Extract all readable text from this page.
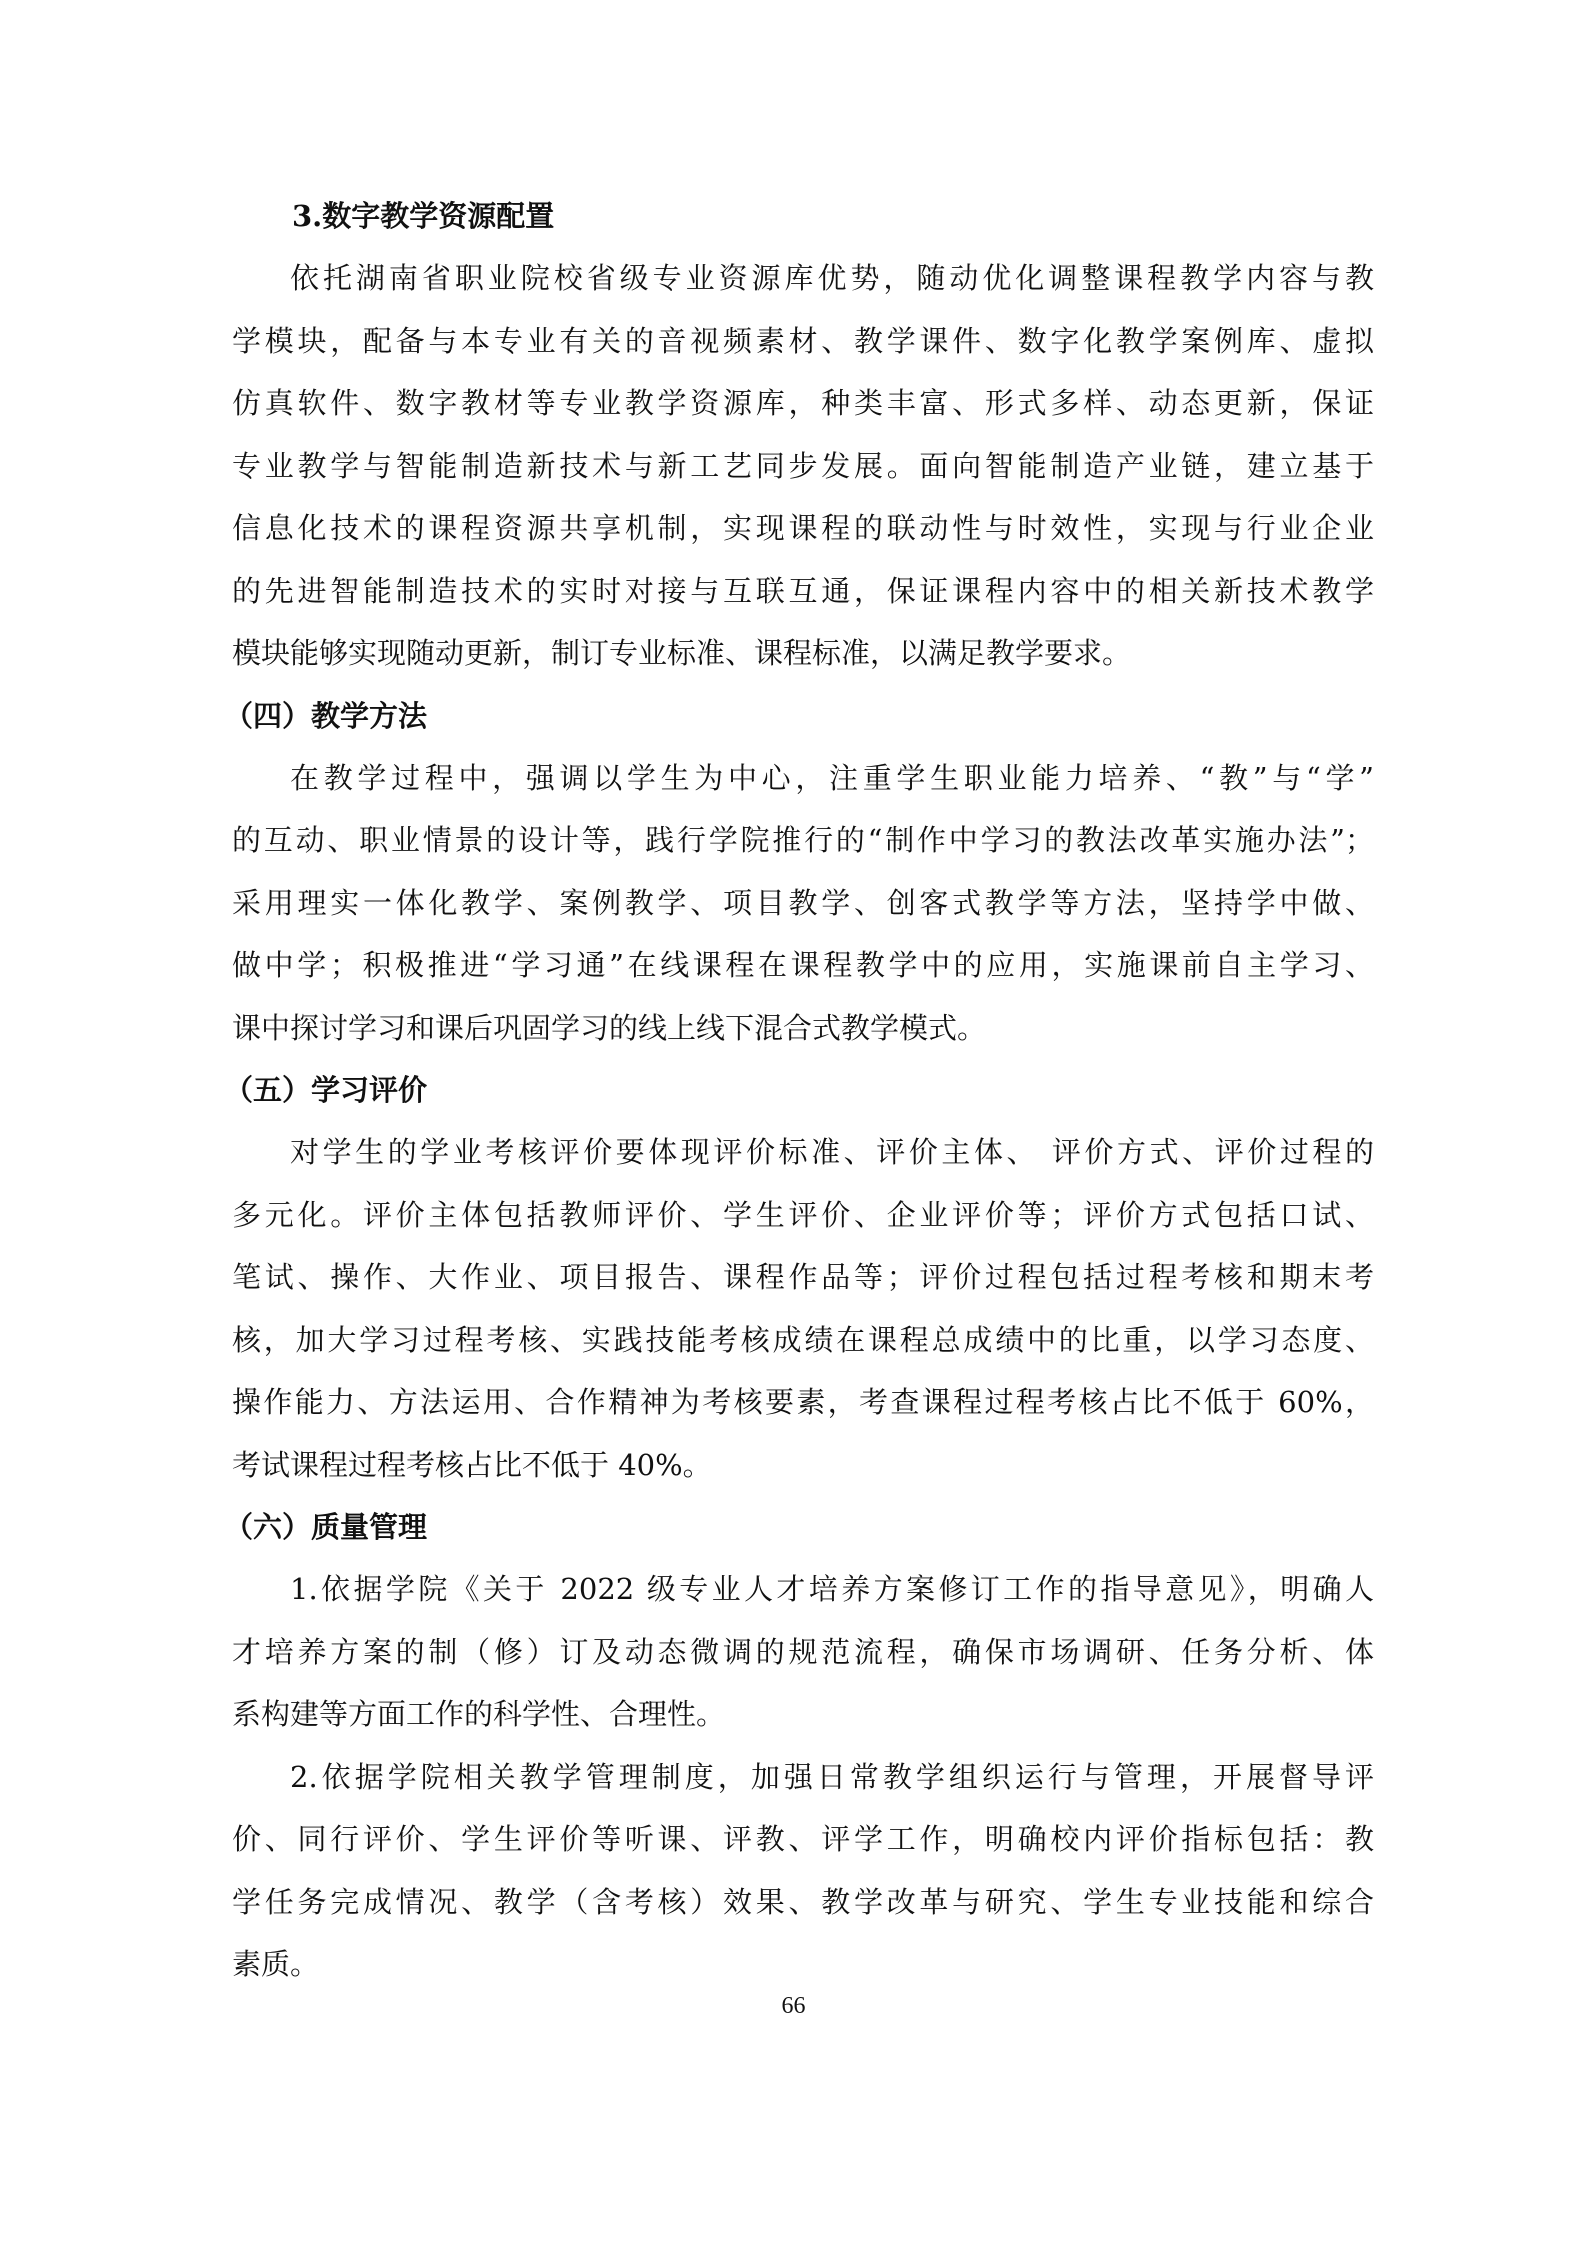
3.数字教学资源配置
依托湖南省职业院校省级专业资源库优势，随动优化调整课程教学内容与教
学模块，配备与本专业有关的音视频素材、教学课件、数字化教学案例库、虚拟
仿真软件、数字教材等专业教学资源库，种类丰富、形式多样、动态更新，保证
专业教学与智能制造新技术与新工艺同步发展。面向智能制造产业链，建立基于
信息化技术的课程资源共享机制，实现课程的联动性与时效性，实现与行业企业
的先进智能制造技术的实时对接与互联互通，保证课程内容中的相关新技术教学
模块能够实现随动更新，制订专业标准、课程标准，以满足教学要求。
（四）教学方法
在教学过程中，强调以学生为中心，注重学生职业能力培养、“教”与“学”
的互动、职业情景的设计等，践行学院推行的“制作中学习的教法改革实施办法”；
采用理实一体化教学、案例教学、项目教学、创客式教学等方法，坚持学中做、
做中学；积极推进“学习通”在线课程在课程教学中的应用，实施课前自主学习、
课中探讨学习和课后巩固学习的线上线下混合式教学模式。
（五）学习评价
对学生的学业考核评价要体现评价标准、评价主体、 评价方式、评价过程的
多元化。评价主体包括教师评价、学生评价、企业评价等；评价方式包括口试、
笔试、操作、大作业、项目报告、课程作品等；评价过程包括过程考核和期末考
核，加大学习过程考核、实践技能考核成绩在课程总成绩中的比重，以学习态度、
操作能力、方法运用、合作精神为考核要素，考查课程过程考核占比不低于 60%，
考试课程过程考核占比不低于 40%。
（六）质量管理
1.依据学院《关于 2022 级专业人才培养方案修订工作的指导意见》，明确人
才培养方案的制（修）订及动态微调的规范流程，确保市场调研、任务分析、体
系构建等方面工作的科学性、合理性。
2.依据学院相关教学管理制度，加强日常教学组织运行与管理，开展督导评
价、同行评价、学生评价等听课、评教、评学工作，明确校内评价指标包括：教
学任务完成情况、教学（含考核）效果、教学改革与研究、学生专业技能和综合
素质。
66
